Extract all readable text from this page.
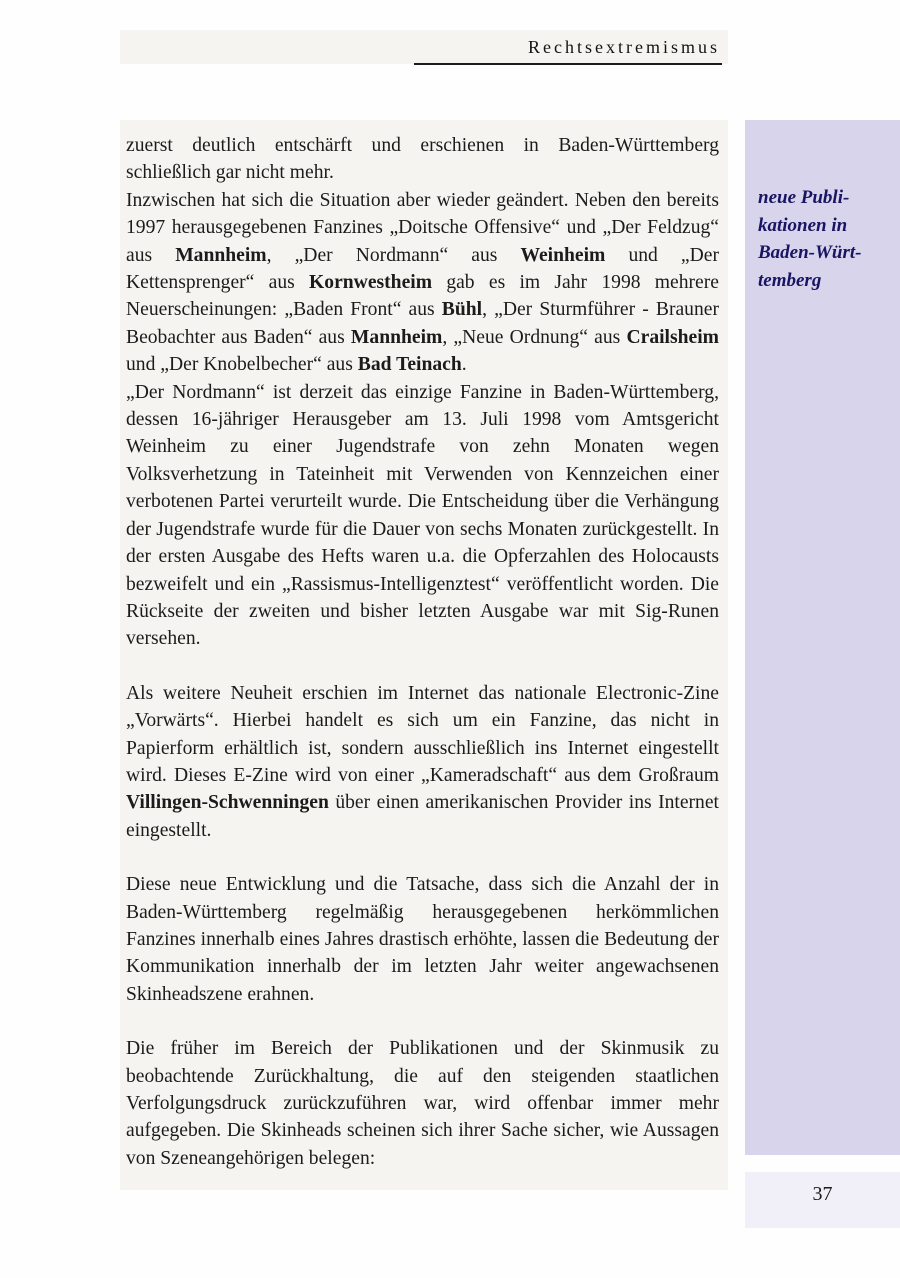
Rechtsextremismus

zuerst deutlich entschärft und erschienen in Baden-Württemberg schließlich gar nicht mehr.

Inzwischen hat sich die Situation aber wieder geändert. Neben den bereits 1997 herausgegebenen Fanzines „Doitsche Offensive“ und „Der Feldzug“ aus Mannheim, „Der Nordmann“ aus Weinheim und „Der Kettensprenger“ aus Kornwestheim gab es im Jahr 1998 mehrere Neuerscheinungen: „Baden Front“ aus Bühl, „Der Sturmführer - Brauner Beobachter aus Baden“ aus Mannheim, „Neue Ordnung“ aus Crailsheim und „Der Knobelbecher“ aus Bad Teinach.

„Der Nordmann“ ist derzeit das einzige Fanzine in Baden-Württemberg, dessen 16-jähriger Herausgeber am 13. Juli 1998 vom Amtsgericht Weinheim zu einer Jugendstrafe von zehn Monaten wegen Volksverhetzung in Tateinheit mit Verwenden von Kennzeichen einer verbotenen Partei verurteilt wurde. Die Entscheidung über die Verhängung der Jugendstrafe wurde für die Dauer von sechs Monaten zurückgestellt. In der ersten Ausgabe des Hefts waren u.a. die Opferzahlen des Holocausts bezweifelt und ein „Rassismus-Intelligenztest“ veröffentlicht worden. Die Rückseite der zweiten und bisher letzten Ausgabe war mit Sig-Runen versehen.

Als weitere Neuheit erschien im Internet das nationale Electronic-Zine „Vorwärts“. Hierbei handelt es sich um ein Fanzine, das nicht in Papierform erhältlich ist, sondern ausschließlich ins Internet eingestellt wird. Dieses E-Zine wird von einer „Kameradschaft“ aus dem Großraum Villingen-Schwenningen über einen amerikanischen Provider ins Internet eingestellt.

Diese neue Entwicklung und die Tatsache, dass sich die Anzahl der in Baden-Württemberg regelmäßig herausgegebenen herkömmlichen Fanzines innerhalb eines Jahres drastisch erhöhte, lassen die Bedeutung der Kommunikation innerhalb der im letzten Jahr weiter angewachsenen Skinheadszene erahnen.

Die früher im Bereich der Publikationen und der Skinmusik zu beobachtende Zurückhaltung, die auf den steigenden staatlichen Verfolgungsdruck zurückzuführen war, wird offenbar immer mehr aufgegeben. Die Skinheads scheinen sich ihrer Sache sicher, wie Aussagen von Szeneangehörigen belegen:

neue Publi-
kationen in
Baden-Würt-
temberg
37
